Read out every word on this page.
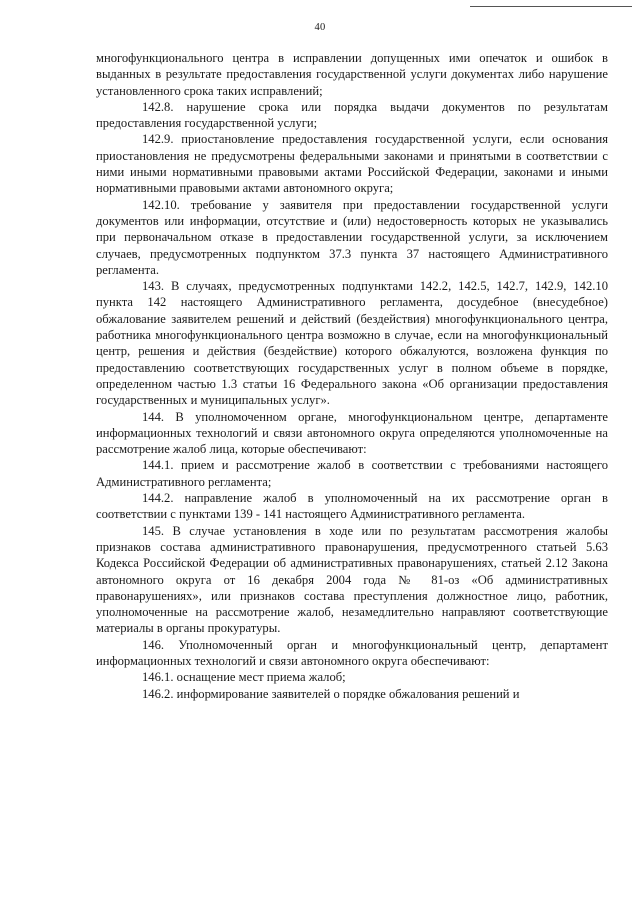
40

многофункционального центра в исправлении допущенных ими опечаток и ошибок в выданных в результате предоставления государственной услуги документах либо нарушение установленного срока таких исправлений;

142.8. нарушение срока или порядка выдачи документов по результатам предоставления государственной услуги;

142.9. приостановление предоставления государственной услуги, если основания приостановления не предусмотрены федеральными законами и принятыми в соответствии с ними иными нормативными правовыми актами Российской Федерации, законами и иными нормативными правовыми актами автономного округа;

142.10. требование у заявителя при предоставлении государственной услуги документов или информации, отсутствие и (или) недостоверность которых не указывались при первоначальном отказе в предоставлении государственной услуги, за исключением случаев, предусмотренных подпунктом 37.3 пункта 37 настоящего Административного регламента.

143. В случаях, предусмотренных подпунктами 142.2, 142.5, 142.7, 142.9, 142.10 пункта 142 настоящего Административного регламента, досудебное (внесудебное) обжалование заявителем решений и действий (бездействия) многофункционального центра, работника многофункционального центра возможно в случае, если на многофункциональный центр, решения и действия (бездействие) которого обжалуются, возложена функция по предоставлению соответствующих государственных услуг в полном объеме в порядке, определенном частью 1.3 статьи 16 Федерального закона «Об организации предоставления государственных и муниципальных услуг».

144. В уполномоченном органе, многофункциональном центре, департаменте информационных технологий и связи автономного округа определяются уполномоченные на рассмотрение жалоб лица, которые обеспечивают:

144.1. прием и рассмотрение жалоб в соответствии с требованиями настоящего Административного регламента;

144.2. направление жалоб в уполномоченный на их рассмотрение орган в соответствии с пунктами 139 - 141 настоящего Административного регламента.

145. В случае установления в ходе или по результатам рассмотрения жалобы признаков состава административного правонарушения, предусмотренного статьей 5.63 Кодекса Российской Федерации об административных правонарушениях, статьей 2.12 Закона автономного округа от 16 декабря 2004 года № 81-оз «Об административных правонарушениях», или признаков состава преступления должностное лицо, работник, уполномоченные на рассмотрение жалоб, незамедлительно направляют соответствующие материалы в органы прокуратуры.

146. Уполномоченный орган и многофункциональный центр, департамент информационных технологий и связи автономного округа обеспечивают:

146.1. оснащение мест приема жалоб;

146.2. информирование заявителей о порядке обжалования решений и
